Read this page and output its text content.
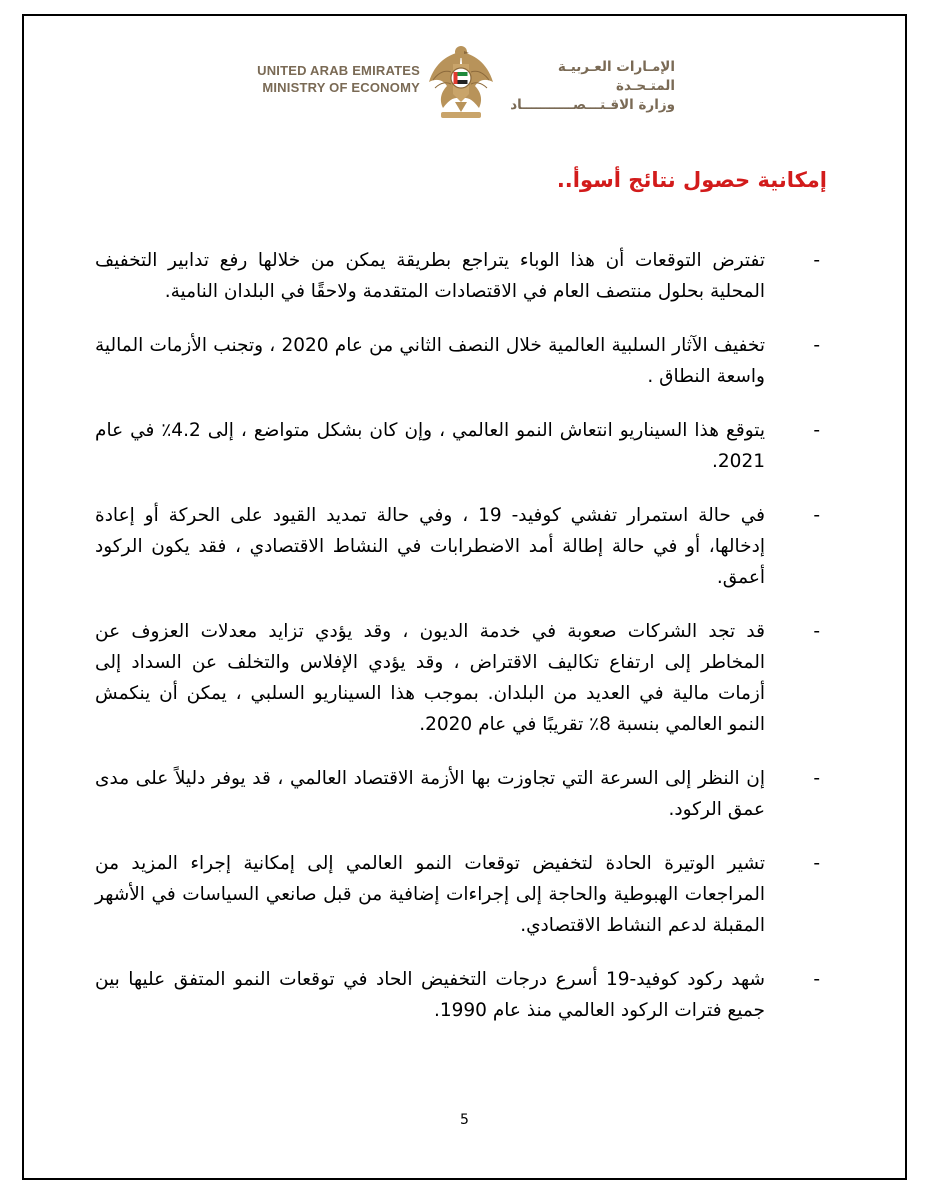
UNITED ARAB EMIRATES
MINISTRY OF ECONOMY
الإمـارات العـربيـة المتـحـدة
وزارة الاقـتـــصـــــــــــاد
إمكانية حصول نتائج أسوأ..
-
تفترض التوقعات أن هذا الوباء يتراجع بطريقة يمكن من خلالها رفع تدابير التخفيف المحلية بحلول منتصف العام في الاقتصادات المتقدمة ولاحقًا في البلدان النامية.
-
تخفيف الآثار السلبية العالمية خلال النصف الثاني من عام 2020 ، وتجنب الأزمات المالية واسعة النطاق .
-
يتوقع هذا السيناريو انتعاش النمو العالمي ، وإن كان بشكل متواضع ، إلى 4.2٪ في عام 2021.
-
في حالة استمرار تفشي كوفيد- 19 ، وفي حالة تمديد القيود على الحركة أو إعادة إدخالها، أو في حالة إطالة أمد الاضطرابات في النشاط الاقتصادي ، فقد يكون الركود أعمق.
-
قد تجد الشركات صعوبة في خدمة الديون ، وقد يؤدي تزايد معدلات العزوف عن المخاطر إلى ارتفاع تكاليف الاقتراض ، وقد يؤدي الإفلاس والتخلف عن السداد إلى أزمات مالية في العديد من البلدان. بموجب هذا السيناريو السلبي ، يمكن أن ينكمش النمو العالمي بنسبة 8٪ تقريبًا في عام 2020.
-
إن النظر إلى السرعة التي تجاوزت بها الأزمة الاقتصاد العالمي ، قد يوفر دليلاً على مدى عمق الركود.
-
تشير الوتيرة الحادة لتخفيض توقعات النمو العالمي إلى إمكانية إجراء المزيد من المراجعات الهبوطية والحاجة إلى إجراءات إضافية من قبل صانعي السياسات في الأشهر المقبلة لدعم النشاط الاقتصادي.
-
شهد ركود كوفيد-19 أسرع درجات التخفيض الحاد في توقعات النمو المتفق عليها بين جميع فترات الركود العالمي منذ عام 1990.
5
